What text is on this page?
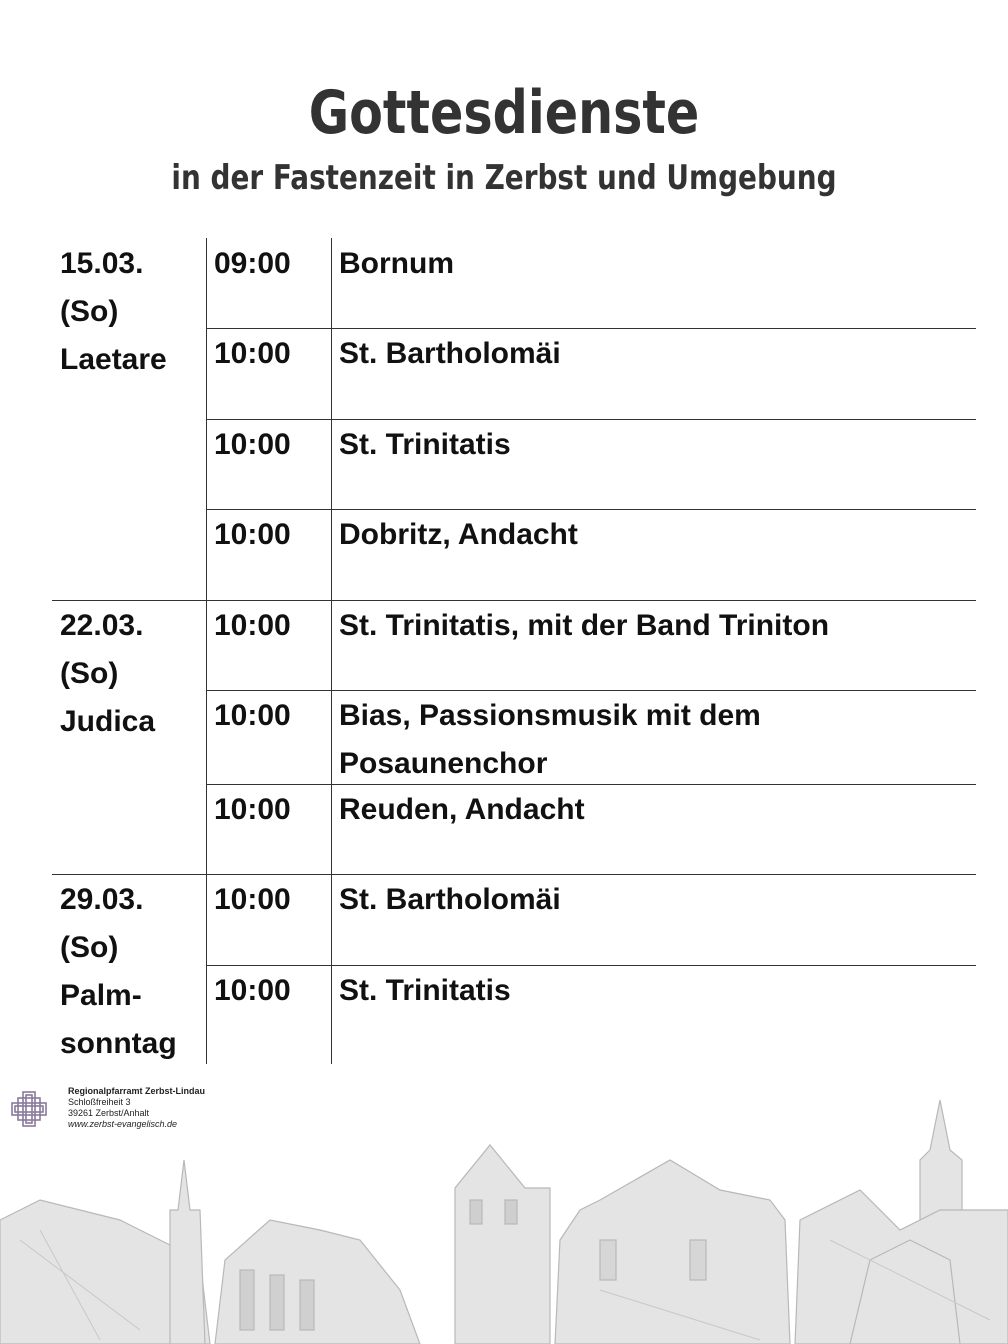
Gottesdienste
in der Fastenzeit in Zerbst und Umgebung
15.03.
(So)
Laetare
09:00 Bornum
10:00 St. Bartholomäi
10:00 St. Trinitatis
10:00 Dobritz, Andacht
22.03.
(So)
Judica
10:00 St. Trinitatis, mit der Band Triniton
10:00 Bias, Passionsmusik mit dem
Posaunenchor
10:00 Reuden, Andacht
29.03.
(So)
Palm-
sonntag
10:00 St. Bartholomäi
10:00 St. Trinitatis
Regionalpfarramt Zerbst-Lindau
Schloßfreiheit 3
39261 Zerbst/Anhalt
www.zerbst-evangelisch.de
